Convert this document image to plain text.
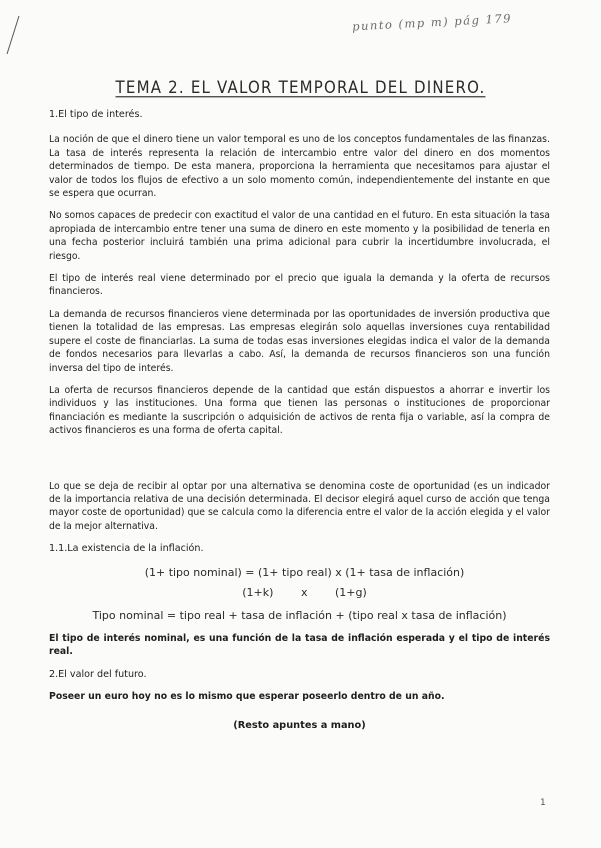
punto (mp m) pág 179
TEMA 2. EL VALOR TEMPORAL DEL DINERO.

1.El tipo de interés.

La noción de que el dinero tiene un valor temporal es uno de los conceptos fundamentales de las finanzas. La tasa de interés representa la relación de intercambio entre valor del dinero en dos momentos determinados de tiempo. De esta manera, proporciona la herramienta que necesitamos para ajustar el valor de todos los flujos de efectivo a un solo momento común, independientemente del instante en que se espera que ocurran.

No somos capaces de predecir con exactitud el valor de una cantidad en el futuro. En esta situación la tasa apropiada de intercambio entre tener una suma de dinero en este momento y la posibilidad de tenerla en una fecha posterior incluirá también una prima adicional para cubrir la incertidumbre involucrada, el riesgo.

El tipo de interés real viene determinado por el precio que iguala la demanda y la oferta de recursos financieros.

La demanda de recursos financieros viene determinada por las oportunidades de inversión productiva que tienen la totalidad de las empresas. Las empresas elegirán solo aquellas inversiones cuya rentabilidad supere el coste de financiarlas. La suma de todas esas inversiones elegidas indica el valor de la demanda de fondos necesarios para llevarlas a cabo. Así, la demanda de recursos financieros son una función inversa del tipo de interés.

La oferta de recursos financieros depende de la cantidad que están dispuestos a ahorrar e invertir los individuos y las instituciones. Una forma que tienen las personas o instituciones de proporcionar financiación es mediante la suscripción o adquisición de activos de renta fija o variable, así la compra de activos financieros es una forma de oferta capital.

Lo que se deja de recibir al optar por una alternativa se denomina coste de oportunidad (es un indicador de la importancia relativa de una decisión determinada. El decisor elegirá aquel curso de acción que tenga mayor coste de oportunidad) que se calcula como la diferencia entre el valor de la acción elegida y el valor de la mejor alternativa.

1.1.La existencia de la inflación.

(1+ tipo nominal) = (1+ tipo real) x (1+ tasa de inflación)

(1+k)	x	(1+g)

Tipo nominal = tipo real + tasa de inflación + (tipo real x tasa de inflación)

El tipo de interés nominal, es una función de la tasa de inflación esperada y el tipo de interés real.

2.El valor del futuro.

Poseer un euro hoy no es lo mismo que esperar poseerlo dentro de un año.

(Resto apuntes a mano)

1
